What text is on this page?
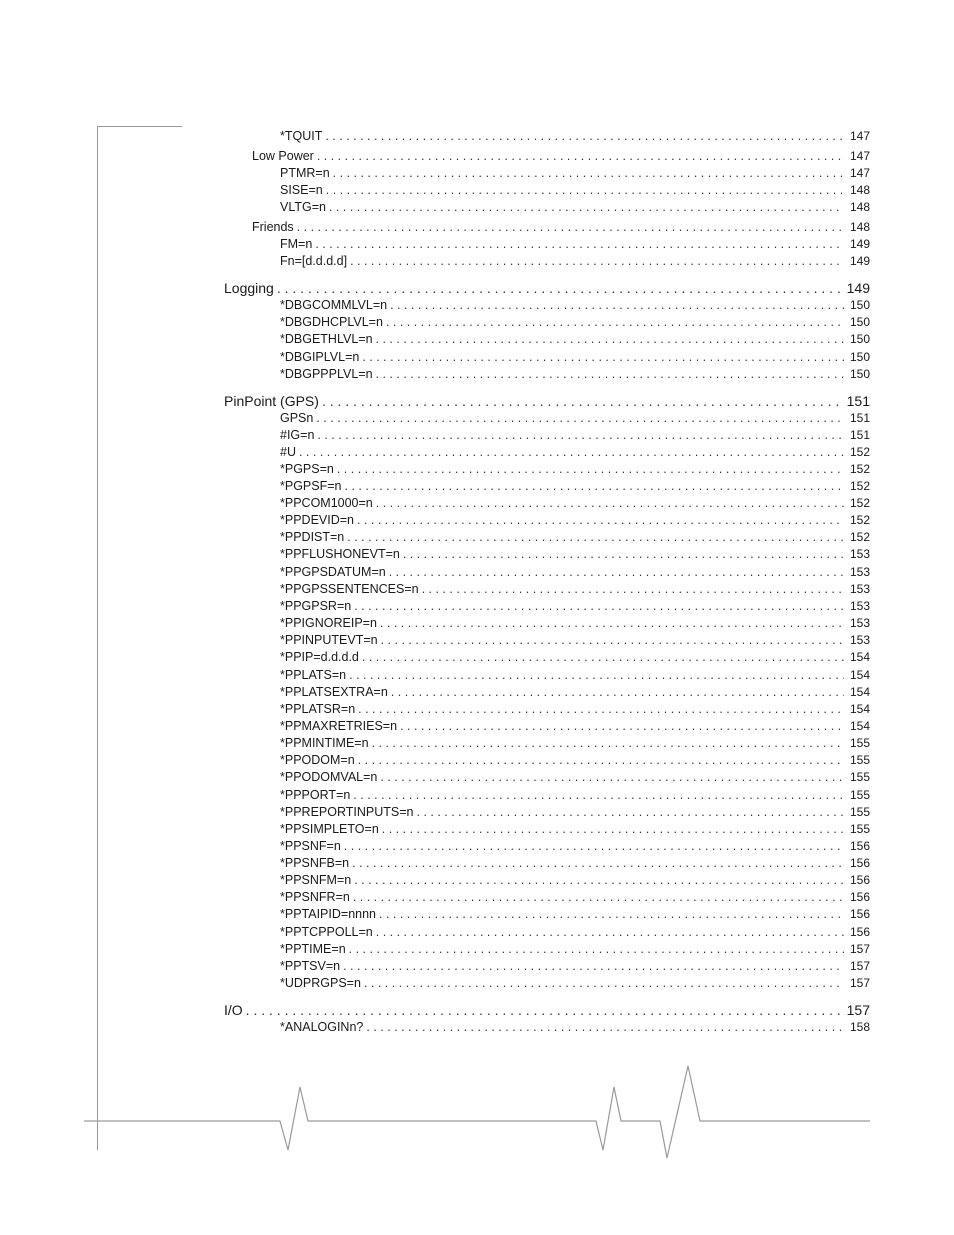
*TQUIT . . .	147
Low Power . . .	147
PTMR=n . . .	147
SISE=n . . .	148
VLTG=n . . .	148
Friends . . .	148
FM=n . . .	149
Fn=[d.d.d.d] . . .	149
Logging . . .	149
*DBGCOMMLVL=n . . .	150
*DBGDHCPLVL=n . . .	150
*DBGETHLVL=n . . .	150
*DBGIPLVL=n . . .	150
*DBGPPPLVL=n . . .	150
PinPoint (GPS) . . .	151
GPSn . . .	151
#IG=n . . .	151
#U . . .	152
*PGPS=n . . .	152
*PGPSF=n . . .	152
*PPCOM1000=n . . .	152
*PPDEVID=n . . .	152
*PPDIST=n . . .	152
*PPFLUSHONEVT=n . . .	153
*PPGPSDATUM=n . . .	153
*PPGPSSENTENCES=n . . .	153
*PPGPSR=n . . .	153
*PPIGNOREIP=n . . .	153
*PPINPUTEVT=n . . .	153
*PPIP=d.d.d.d . . .	154
*PPLATS=n . . .	154
*PPLATSEXTRA=n . . .	154
*PPLATSR=n . . .	154
*PPMAXRETRIES=n . . .	154
*PPMINTIME=n . . .	155
*PPODOM=n . . .	155
*PPODOMVAL=n . . .	155
*PPPORT=n . . .	155
*PPREPORTINPUTS=n . . .	155
*PPSIMPLETO=n . . .	155
*PPSNF=n . . .	156
*PPSNFB=n . . .	156
*PPSNFM=n . . .	156
*PPSNFR=n . . .	156
*PPTAIPID=nnnn . . .	156
*PPTCPPOLL=n . . .	156
*PPTIME=n . . .	157
*PPTSV=n . . .	157
*UDPRGPS=n . . .	157
I/O . . .	157
*ANALOGINn? . . .	158
